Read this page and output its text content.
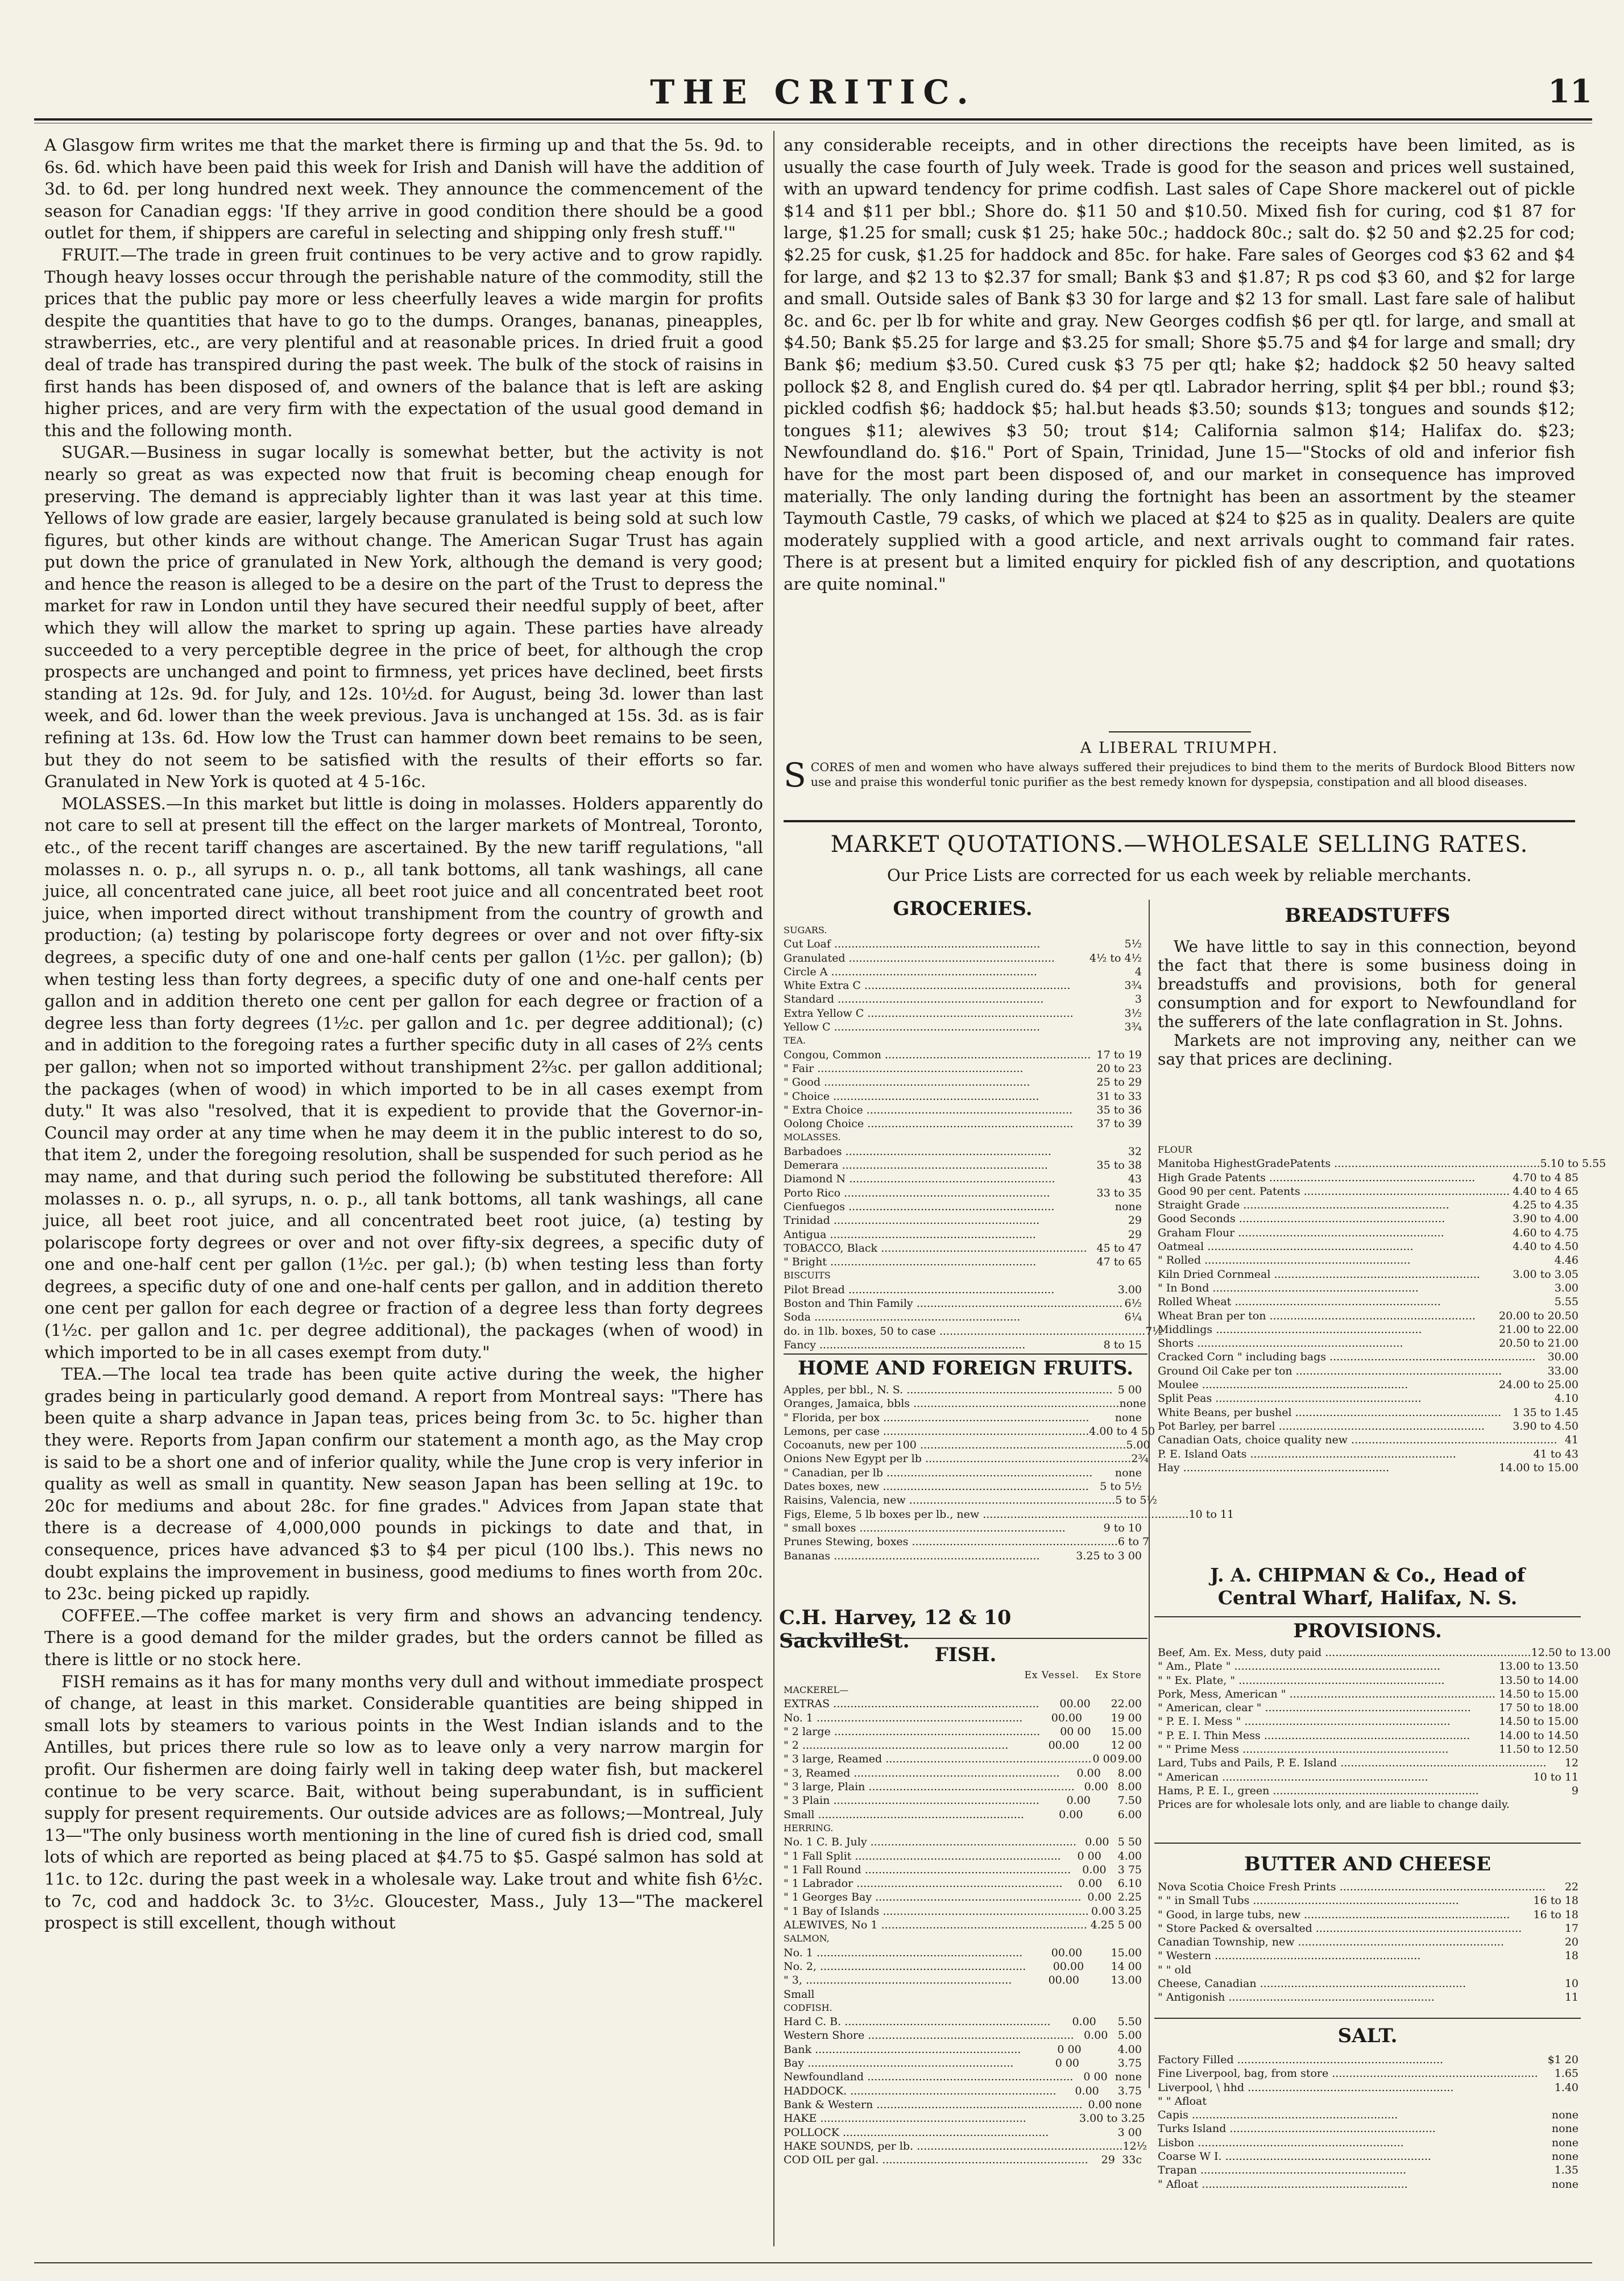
THE CRITIC.	11

A Glasgow firm writes me that the market there is firming up and that the 5s. 9d. to 6s. 6d. which have been paid this week for Irish and Danish will have the addition of 3d. to 6d. per long hundred next week. They announce the commencement of the season for Canadian eggs: 'If they arrive in good condition there should be a good outlet for them, if shippers are careful in selecting and shipping only fresh stuff.'"

FRUIT.—The trade in green fruit continues to be very active and to grow rapidly. Though heavy losses occur through the perishable nature of the commodity, still the prices that the public pay more or less cheerfully leaves a wide margin for profits despite the quantities that have to go to the dumps. Oranges, bananas, pineapples, strawberries, etc., are very plentiful and at reasonable prices. In dried fruit a good deal of trade has transpired during the past week. The bulk of the stock of raisins in first hands has been disposed of, and owners of the balance that is left are asking higher prices, and are very firm with the expectation of the usual good demand in this and the following month.

SUGAR.—Business in sugar locally is somewhat better, but the activity is not nearly so great as was expected now that fruit is becoming cheap enough for preserving. The demand is appreciably lighter than it was last year at this time. Yellows of low grade are easier, largely because granulated is being sold at such low figures, but other kinds are without change. The American Sugar Trust has again put down the price of granulated in New York, although the demand is very good; and hence the reason is alleged to be a desire on the part of the Trust to depress the market for raw in London until they have secured their needful supply of beet, after which they will allow the market to spring up again. These parties have already succeeded to a very perceptible degree in the price of beet, for although the crop prospects are unchanged and point to firmness, yet prices have declined, beet firsts standing at 12s. 9d. for July, and 12s. 10½d. for August, being 3d. lower than last week, and 6d. lower than the week previous. Java is unchanged at 15s. 3d. as is fair refining at 13s. 6d. How low the Trust can hammer down beet remains to be seen, but they do not seem to be satisfied with the results of their efforts so far. Granulated in New York is quoted at 4 5-16c.

MOLASSES.—In this market but little is doing in molasses. Holders apparently do not care to sell at present till the effect on the larger markets of Montreal, Toronto, etc., of the recent tariff changes are ascertained. By the new tariff regulations, "all molasses n. o. p., all syrups n. o. p., all tank bottoms, all tank washings, all cane juice, all concentrated cane juice, all beet root juice and all concentrated beet root juice, when imported direct without transhipment from the country of growth and production; (a) testing by polariscope forty degrees or over and not over fifty-six degrees, a specific duty of one and one-half cents per gallon (1½c. per gallon); (b) when testing less than forty degrees, a specific duty of one and one-half cents per gallon and in addition thereto one cent per gallon for each degree or fraction of a degree less than forty degrees (1½c. per gallon and 1c. per degree additional); (c) and in addition to the foregoing rates a further specific duty in all cases of 2⅔ cents per gallon; when not so imported without transhipment 2⅔c. per gallon additional; the packages (when of wood) in which imported to be in all cases exempt from duty." It was also "resolved, that it is expedient to provide that the Governor-in-Council may order at any time when he may deem it in the public interest to do so, that item 2, under the foregoing resolution, shall be suspended for such period as he may name, and that during such period the following be substituted therefore: All molasses n. o. p., all syrups, n. o. p., all tank bottoms, all tank washings, all cane juice, all beet root juice, and all concentrated beet root juice, (a) testing by polariscope forty degrees or over and not over fifty-six degrees, a specific duty of one and one-half cent per gallon (1½c. per gal.); (b) when testing less than forty degrees, a specific duty of one and one-half cents per gallon, and in addition thereto one cent per gallon for each degree or fraction of a degree less than forty degrees (1½c. per gallon and 1c. per degree additional), the packages (when of wood) in which imported to be in all cases exempt from duty."

TEA.—The local tea trade has been quite active during the week, the higher grades being in particularly good demand. A report from Montreal says: "There has been quite a sharp advance in Japan teas, prices being from 3c. to 5c. higher than they were. Reports from Japan confirm our statement a month ago, as the May crop is said to be a short one and of inferior quality, while the June crop is very inferior in quality as well as small in quantity. New season Japan has been selling at 19c. to 20c for mediums and about 28c. for fine grades." Advices from Japan state that there is a decrease of 4,000,000 pounds in pickings to date and that, in consequence, prices have advanced $3 to $4 per picul (100 lbs.). This news no doubt explains the improvement in business, good mediums to fines worth from 20c. to 23c. being picked up rapidly.

COFFEE.—The coffee market is very firm and shows an advancing tendency. There is a good demand for the milder grades, but the orders cannot be filled as there is little or no stock here.

FISH remains as it has for many months very dull and without immediate prospect of change, at least in this market. Considerable quantities are being shipped in small lots by steamers to various points in the West Indian islands and to the Antilles, but prices there rule so low as to leave only a very narrow margin for profit. Our fishermen are doing fairly well in taking deep water fish, but mackerel continue to be very scarce. Bait, without being superabundant, is in sufficient supply for present requirements. Our outside advices are as follows;—Montreal, July 13—"The only business worth mentioning in the line of cured fish is dried cod, small lots of which are reported as being placed at $4.75 to $5. Gaspé salmon has sold at 11c. to 12c. during the past week in a wholesale way. Lake trout and white fish 6½c. to 7c, cod and haddock 3c. to 3½c. Gloucester, Mass., July 13—"The mackerel prospect is still excellent, though without

any considerable receipts, and in other directions the receipts have been limited, as is usually the case fourth of July week. Trade is good for the season and prices well sustained, with an upward tendency for prime codfish. Last sales of Cape Shore mackerel out of pickle $14 and $11 per bbl.; Shore do. $11 50 and $10.50. Mixed fish for curing, cod $1 87 for large, $1.25 for small; cusk $1 25; hake 50c.; haddock 80c.; salt do. $2 50 and $2.25 for cod; $2.25 for cusk, $1.25 for haddock and 85c. for hake. Fare sales of Georges cod $3 62 and $4 for large, and $2 13 to $2.37 for small; Bank $3 and $1.87; R ps cod $3 60, and $2 for large and small. Outside sales of Bank $3 30 for large and $2 13 for small. Last fare sale of halibut 8c. and 6c. per lb for white and gray. New Georges codfish $6 per qtl. for large, and small at $4.50; Bank $5.25 for large and $3.25 for small; Shore $5.75 and $4 for large and small; dry Bank $6; medium $3.50. Cured cusk $3 75 per qtl; hake $2; haddock $2 50 heavy salted pollock $2 8, and English cured do. $4 per qtl. Labrador herring, split $4 per bbl.; round $3; pickled codfish $6; haddock $5; hal.but heads $3.50; sounds $13; tongues and sounds $12; tongues $11; alewives $3 50; trout $14; California salmon $14; Halifax do. $23; Newfoundland do. $16." Port of Spain, Trinidad, June 15—"Stocks of old and inferior fish have for the most part been disposed of, and our market in consequence has improved materially. The only landing during the fortnight has been an assortment by the steamer Taymouth Castle, 79 casks, of which we placed at $24 to $25 as in quality. Dealers are quite moderately supplied with a good article, and next arrivals ought to command fair rates. There is at present but a limited enquiry for pickled fish of any description, and quotations are quite nominal."

A LIBERAL TRIUMPH.
SCORES of men and women who have always suffered their prejudices to bind them to the merits of Burdock Blood Bitters now use and praise this wonderful tonic purifier as the best remedy known for dyspepsia, constipation and all blood diseases.
MARKET QUOTATIONS.—WHOLESALE SELLING RATES.
Our Price Lists are corrected for us each week by reliable merchants.
GROCERIES.
SUGARS.
Cut Loaf ............................................................	5½
Granulated ............................................................	4½ to 4½
Circle A ............................................................	4
White Extra C ............................................................	3¾
Standard ............................................................	3
Extra Yellow C ............................................................	3½
Yellow C ............................................................	3¾
TEA.
Congou, Common ............................................................ 17 to 19
" Fair ............................................................	20 to 23
" Good ............................................................	25 to 29
" Choice ............................................................	31 to 33
" Extra Choice ............................................................	35 to 36
Oolong Choice ............................................................	37 to 39
MOLASSES.
Barbadoes ............................................................	32
Demerara ............................................................	35 to 38
Diamond N ............................................................	43
Porto Rico ............................................................	33 to 35
Cienfuegos ............................................................	none
Trinidad ............................................................	29
Antigua ............................................................	29
TOBACCO, Black ............................................................ 45 to 47
" Bright ............................................................	47 to 65
BISCUITS
Pilot Bread ............................................................	3.00
Boston and Thin Family ............................................................ 6½
Soda ............................................................	6¼
do. in 1lb. boxes, 50 to case ............................................................ 7½
Fancy ............................................................	8 to 15
HOME AND FOREIGN FRUITS.
Apples, per bbl., N. S. ............................................................ 5 00
Oranges, Jamaica, bbls ............................................................ none
" Florida, per box ............................................................	none
Lemons, per case ............................................................ 4.00 to 4 50
Cocoanuts, new per 100 ............................................................ 5.00
Onions New Egypt per lb ............................................................ 2¾
" Canadian, per lb ............................................................	none
Dates boxes, new ............................................................	5 to 5½
Raisins, Valencia, new ............................................................ 5 to 5½
Figs, Eleme, 5 lb boxes per lb., new ............................................................ 10 to 11
" small boxes ............................................................	9 to 10
Prunes Stewing, boxes ............................................................ 6 to 7
Bananas ............................................................	3.25 to 3 00
C.H. Harvey, 12 & 10 SackvilleSt.
FISH.
Ex Vessel.	Ex Store
MACKEREL—
EXTRAS ............................................................	00.00	22.00
No. 1 ............................................................	00.00	19 00
" 2 large ............................................................	00 00	15.00
" 2 ............................................................	00.00	12 00
" 3 large, Reamed ............................................................ 0 00 9.00
" 3, Reamed ............................................................	0.00	8.00
" 3 large, Plain ............................................................ 0.00 8.00
" 3 Plain ............................................................	0.00	7.50
Small ............................................................	0.00	6.00
HERRING.
No. 1 C. B. July ............................................................ 0.00 5 50
" 1 Fall Split ............................................................	0 00	4.00
" 1 Fall Round ............................................................	0.00	3 75
" 1 Labrador ............................................................	0.00	6.10
" 1 Georges Bay ............................................................ 0.00 2.25
" 1 Bay of Islands ............................................................ 0.00 3.25
ALEWIVES, No 1 ............................................................ 4.25 5 00
SALMON,
No. 1 ............................................................	00.00	15.00
No. 2, ............................................................	00.00	14 00
" 3, ............................................................	00.00	13.00
Small
CODFISH.
Hard C. B. ............................................................	0.00	5.50
Western Shore ............................................................ 0.00 5.00
Bank ............................................................	0 00	4.00
Bay ............................................................	0 00	3.75
Newfoundland ............................................................ 0 00 none
HADDOCK. ............................................................	0.00	3.75
Bank & Western ............................................................ 0.00 none
HAKE ............................................................	3.00 to 3.25
POLLOCK ............................................................	3 00
HAKE SOUNDS, per lb. ............................................................ 12½
COD OIL per gal. ............................................................	29 33c
BREADSTUFFS

We have little to say in this connection, beyond the fact that there is some business doing in breadstuffs and provisions, both for general consumption and for export to Newfoundland for the sufferers of the late conflagration in St. Johns.

Markets are not improving any, neither can we say that prices are declining.

FLOUR
Manitoba HighestGradePatents ............................................................ 5.10 to 5.55
High Grade Patents ............................................................	4.70 to 4 85
Good 90 per cent. Patents ............................................................ 4.40 to 4 65
Straight Grade ............................................................	4.25 to 4.35
Good Seconds ............................................................	3.90 to 4.00
Graham Flour ............................................................	4.60 to 4.75
Oatmeal ............................................................	4.40 to 4.50
" Rolled ............................................................	4.46
Kiln Dried Cornmeal ............................................................	3.00 to 3.05
" In Bond ............................................................	3.00
Rolled Wheat ............................................................	5.55
Wheat Bran per ton ............................................................	20.00 to 20.50
Middlings ............................................................	21.00 to 22.00
Shorts ............................................................	20.50 to 21.00
Cracked Corn " including bags ............................................................	30.00
Ground Oil Cake per ton ............................................................	33.00
Moulee ............................................................	24.00 to 25.00
Split Peas ............................................................	4.10
White Beans, per bushel ............................................................	1 35 to 1.45
Pot Barley, per barrel ............................................................	3.90 to 4.50
Canadian Oats, choice quality new ............................................................ 41
P. E. Island Oats ............................................................	41 to 43
Hay ............................................................	14.00 to 15.00
J. A. CHIPMAN & Co., Head of
Central Wharf, Halifax, N. S.
PROVISIONS.
Beef, Am. Ex. Mess, duty paid ............................................................ 12.50 to 13.00
" Am., Plate " ............................................................	13.00 to 13.50
" " Ex. Plate, " ............................................................	13.50 to 14.00
Pork, Mess, American " ............................................................ 14.50 to 15.00
" American, clear " ............................................................	17 50 to 18.00
" P. E. I. Mess " ............................................................	14.50 to 15.00
" P. E. I. Thin Mess ............................................................	14.00 to 14.50
" " Prime Mess ............................................................	11.50 to 12.50
Lard, Tubs and Pails, P. E. Island ............................................................	12
" American ............................................................	10 to 11
Hams, P. E. I., green ............................................................	9
Prices are for wholesale lots only, and are liable to change daily.
BUTTER AND CHEESE
Nova Scotia Choice Fresh Prints ............................................................	22
" " in Small Tubs ............................................................	16 to 18
" Good, in large tubs, new ............................................................	16 to 18
" Store Packed & oversalted ............................................................	17
Canadian Township, new ............................................................	20
" Western ............................................................	18
" " old
Cheese, Canadian ............................................................	10
" Antigonish ............................................................	11
SALT.
Factory Filled ............................................................	$1 20
Fine Liverpool, bag, from store ............................................................	1.65
Liverpool, \ hhd ............................................................	1.40
" " Afloat
Capis ............................................................	none
Turks Island ............................................................	none
Lisbon ............................................................	none
Coarse W I. ............................................................	none
Trapan ............................................................	1.35
" Afloat ............................................................	none
